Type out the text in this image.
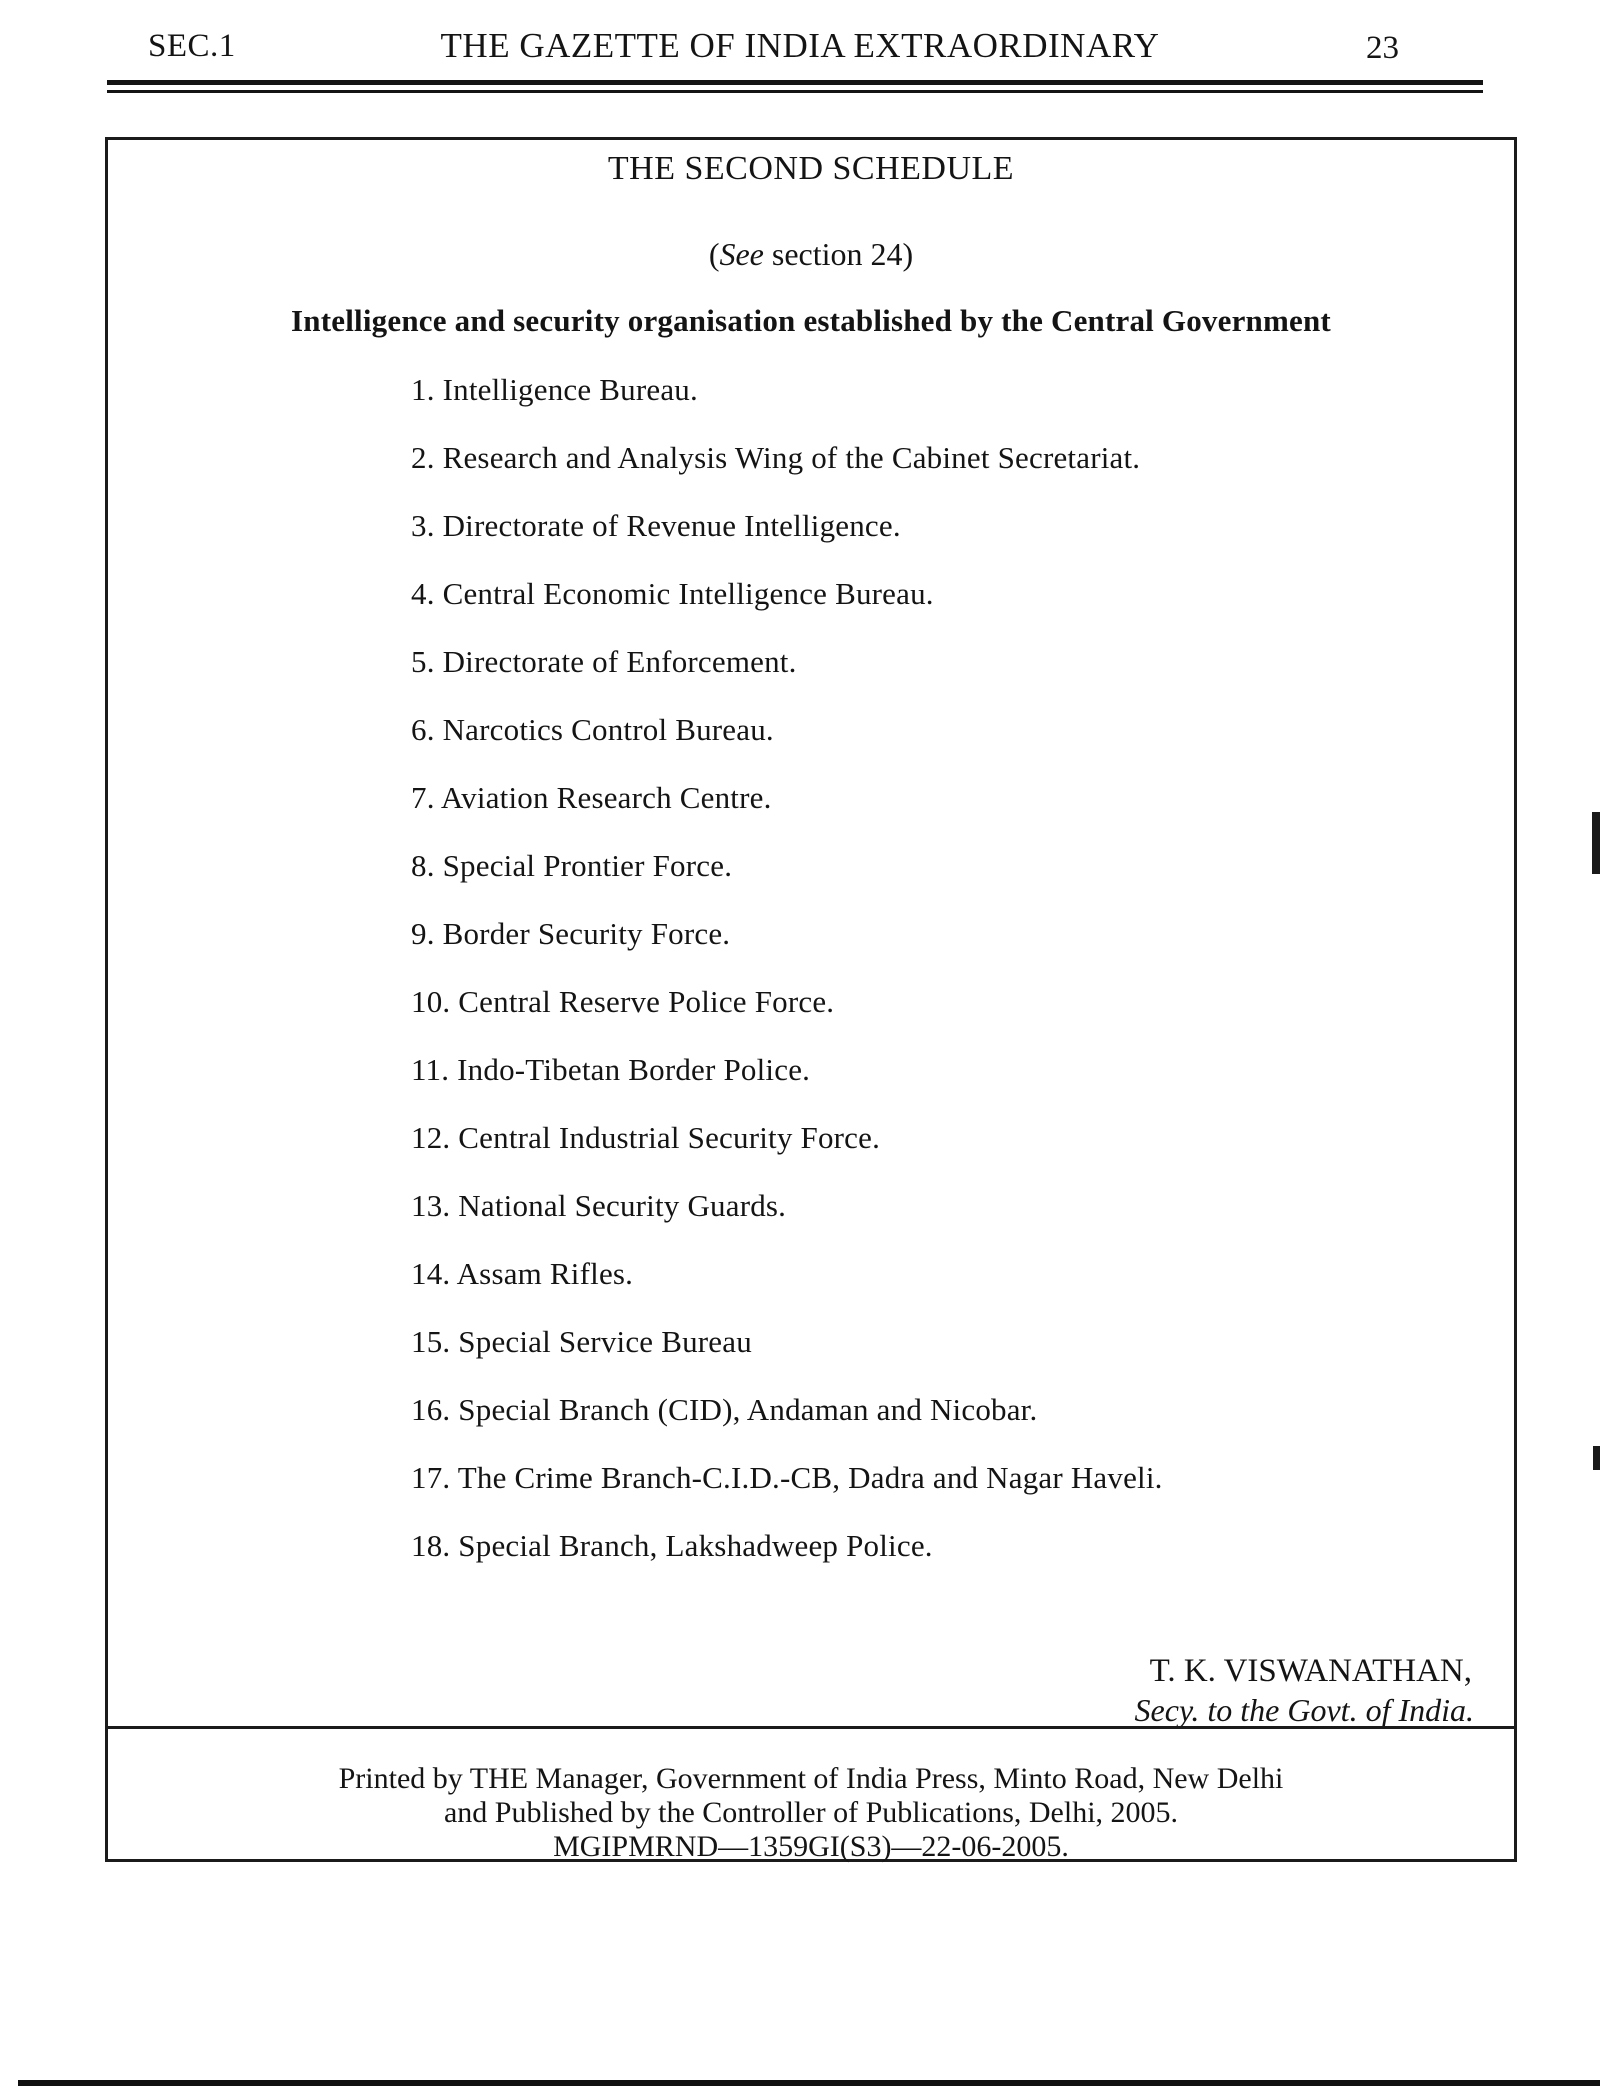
SEC.1	THE GAZETTE OF INDIA EXTRAORDINARY	23
THE SECOND SCHEDULE
(See section 24)
Intelligence and security organisation established by the Central Government
1. Intelligence Bureau.
2. Research and Analysis Wing of the Cabinet Secretariat.
3. Directorate of Revenue Intelligence.
4. Central Economic Intelligence Bureau.
5. Directorate of Enforcement.
6. Narcotics Control Bureau.
7. Aviation Research Centre.
8. Special Prontier Force.
9. Border Security Force.
10. Central Reserve Police Force.
11. Indo-Tibetan Border Police.
12. Central Industrial Security Force.
13. National Security Guards.
14. Assam Rifles.
15. Special Service Bureau
16. Special Branch (CID), Andaman and Nicobar.
17. The Crime Branch-C.I.D.-CB, Dadra and Nagar Haveli.
18. Special Branch, Lakshadweep Police.
T. K. VISWANATHAN,
Secy. to the Govt. of India.
Printed by THE Manager, Government of India Press, Minto Road, New Delhi
and Published by the Controller of Publications, Delhi, 2005.
MGIPMRND—1359GI(S3)—22-06-2005.
